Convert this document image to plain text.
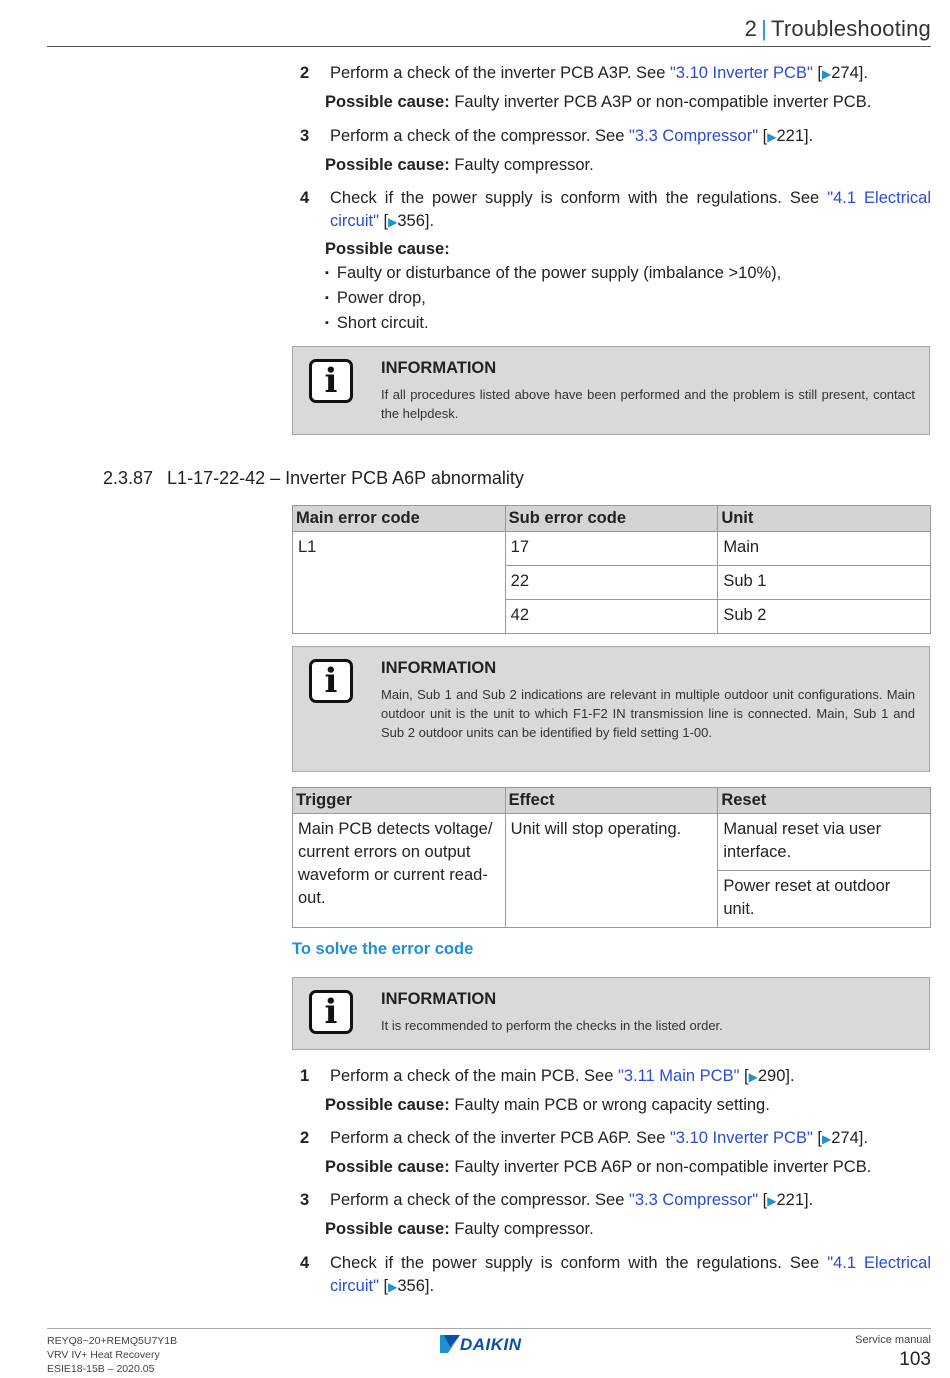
2 | Troubleshooting
2 Perform a check of the inverter PCB A3P. See "3.10 Inverter PCB" [▶274].
Possible cause: Faulty inverter PCB A3P or non-compatible inverter PCB.
3 Perform a check of the compressor. See "3.3 Compressor" [▶221].
Possible cause: Faulty compressor.
4 Check if the power supply is conform with the regulations. See "4.1 Electrical circuit" [▶356].
Possible cause:
▪ Faulty or disturbance of the power supply (imbalance >10%),
▪ Power drop,
▪ Short circuit.
i	INFORMATION
If all procedures listed above have been performed and the problem is still present, contact the helpdesk.
2.3.87 L1-17-22-42 – Inverter PCB A6P abnormality
Main error code	Sub error code	Unit
L1	17	Main
	22	Sub 1
	42	Sub 2
i	INFORMATION
Main, Sub 1 and Sub 2 indications are relevant in multiple outdoor unit configurations. Main outdoor unit is the unit to which F1-F2 IN transmission line is connected. Main, Sub 1 and Sub 2 outdoor units can be identified by field setting 1-00.
Trigger	Effect	Reset
Main PCB detects voltage/ current errors on output waveform or current read-out.	Unit will stop operating.	Manual reset via user interface.
		Power reset at outdoor unit.
To solve the error code
i	INFORMATION
It is recommended to perform the checks in the listed order.
1 Perform a check of the main PCB. See "3.11 Main PCB" [▶290].
Possible cause: Faulty main PCB or wrong capacity setting.
2 Perform a check of the inverter PCB A6P. See "3.10 Inverter PCB" [▶274].
Possible cause: Faulty inverter PCB A6P or non-compatible inverter PCB.
3 Perform a check of the compressor. See "3.3 Compressor" [▶221].
Possible cause: Faulty compressor.
4 Check if the power supply is conform with the regulations. See "4.1 Electrical circuit" [▶356].
REYQ8~20+REMQ5U7Y1B
VRV IV+ Heat Recovery
ESIE18-15B – 2020.05
DAIKIN	Service manual
103
